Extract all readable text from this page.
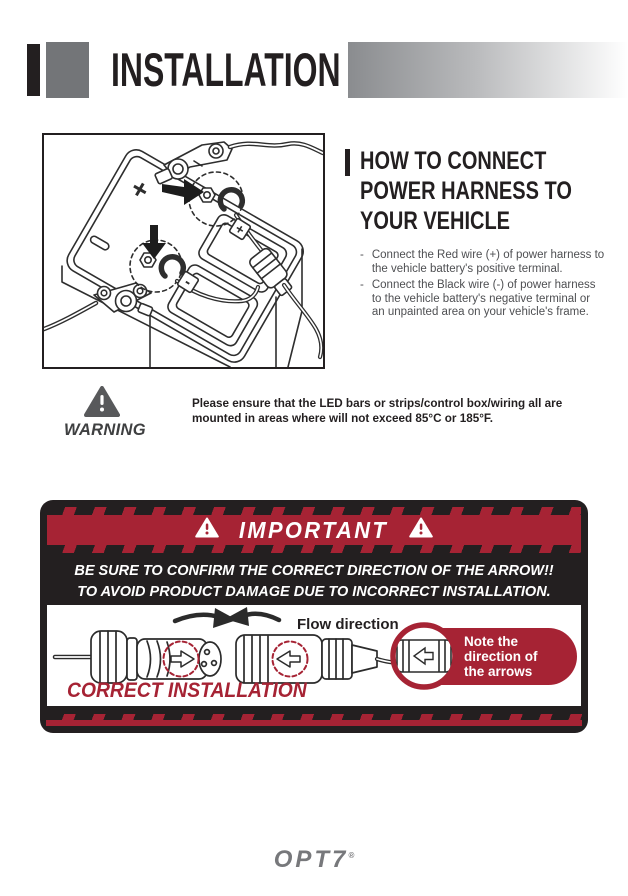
INSTALLATION
+
+
-
HOW TO CONNECT
POWER HARNESS TO
YOUR VEHICLE
- Connect the Red wire (+) of power harness to the vehicle battery's positive terminal.
- Connect the Black wire (-) of power harness to the vehicle battery's negative terminal or an unpainted area on your vehicle's frame.
WARNING

Please ensure that the LED bars or strips/control box/wiring all are mounted in areas where will not exceed 85°C or 185°F.

IMPORTANT
BE SURE TO CONFIRM THE CORRECT DIRECTION OF THE ARROW!!
TO AVOID PRODUCT DAMAGE DUE TO INCORRECT INSTALLATION.
Flow direction
Note the
direction of
the arrows
CORRECT INSTALLATION
OPT7®
